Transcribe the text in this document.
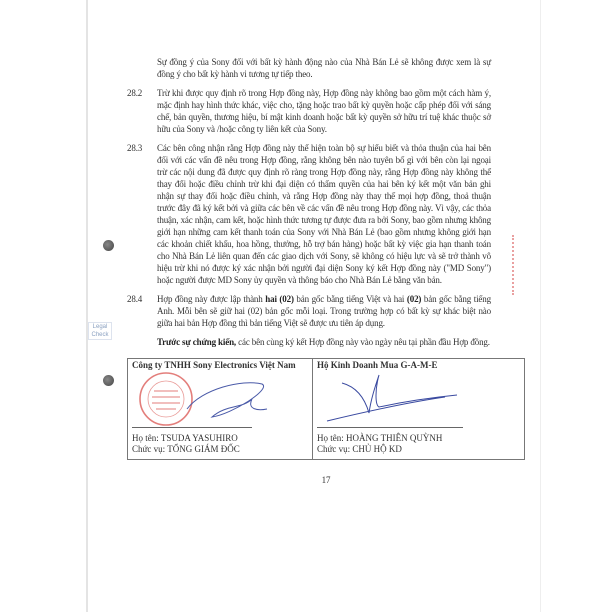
Legal Check
Sự đồng ý của Sony đối với bất kỳ hành động nào của Nhà Bán Lẻ sẽ không được xem là sự đồng ý cho bất kỳ hành vi tương tự tiếp theo.
28.2	Trừ khi được quy định rõ trong Hợp đồng này, Hợp đồng này không bao gồm một cách hàm ý, mặc định hay hình thức khác, việc cho, tặng hoặc trao bất kỳ quyền hoặc cấp phép đối với sáng chế, bản quyền, thương hiệu, bí mật kinh doanh hoặc bất kỳ quyền sở hữu trí tuệ khác thuộc sở hữu của Sony và /hoặc công ty liên kết của Sony.
28.3	Các bên công nhận rằng Hợp đồng này thể hiện toàn bộ sự hiểu biết và thỏa thuận của hai bên đối với các vấn đề nêu trong Hợp đồng, rằng không bên nào tuyên bố gì với bên còn lại ngoại trừ các nội dung đã được quy định rõ ràng trong Hợp đồng này, rằng Hợp đồng này không thể thay đổi hoặc điều chỉnh trừ khi đại diện có thẩm quyền của hai bên ký kết một văn bản ghi nhận sự thay đổi hoặc điều chỉnh, và rằng Hợp đồng này thay thế mọi hợp đồng, thoả thuận trước đây đã ký kết bởi và giữa các bên về các vấn đề nêu trong Hợp đồng này. Vì vậy, các thỏa thuận, xác nhận, cam kết, hoặc hình thức tương tự được đưa ra bởi Sony, bao gồm nhưng không giới hạn những cam kết thanh toán của Sony với Nhà Bán Lẻ (bao gồm nhưng không giới hạn các khoản chiết khấu, hoa hồng, thưởng, hỗ trợ bán hàng) hoặc bất kỳ việc gia hạn thanh toán cho Nhà Bán Lẻ liên quan đến các giao dịch với Sony, sẽ không có hiệu lực và sẽ trở thành vô hiệu trừ khi nó được ký xác nhận bởi người đại diện Sony ký kết Hợp đồng này ("MD Sony") hoặc người được MD Sony ủy quyền và thông báo cho Nhà Bán Lẻ bằng văn bản.
28.4	Hợp đồng này được lập thành hai (02) bản gốc bằng tiếng Việt và hai (02) bản gốc bằng tiếng Anh. Mỗi bên sẽ giữ hai (02) bản gốc mỗi loại. Trong trường hợp có bất kỳ sự khác biệt nào giữa hai bản Hợp đồng thì bản tiếng Việt sẽ được ưu tiên áp dụng.
Trước sự chứng kiến, các bên cùng ký kết Hợp đồng này vào ngày nêu tại phần đầu Hợp đồng.
Công ty TNHH Sony Electronics Việt Nam
Họ tên: TSUDA YASUHIRO
Chức vụ: TỔNG GIÁM ĐỐC

Hộ Kinh Doanh Mua G-A-M-E
Họ tên: HOÀNG THIÊN QUỲNH
Chức vụ: CHỦ HỘ KD
17
